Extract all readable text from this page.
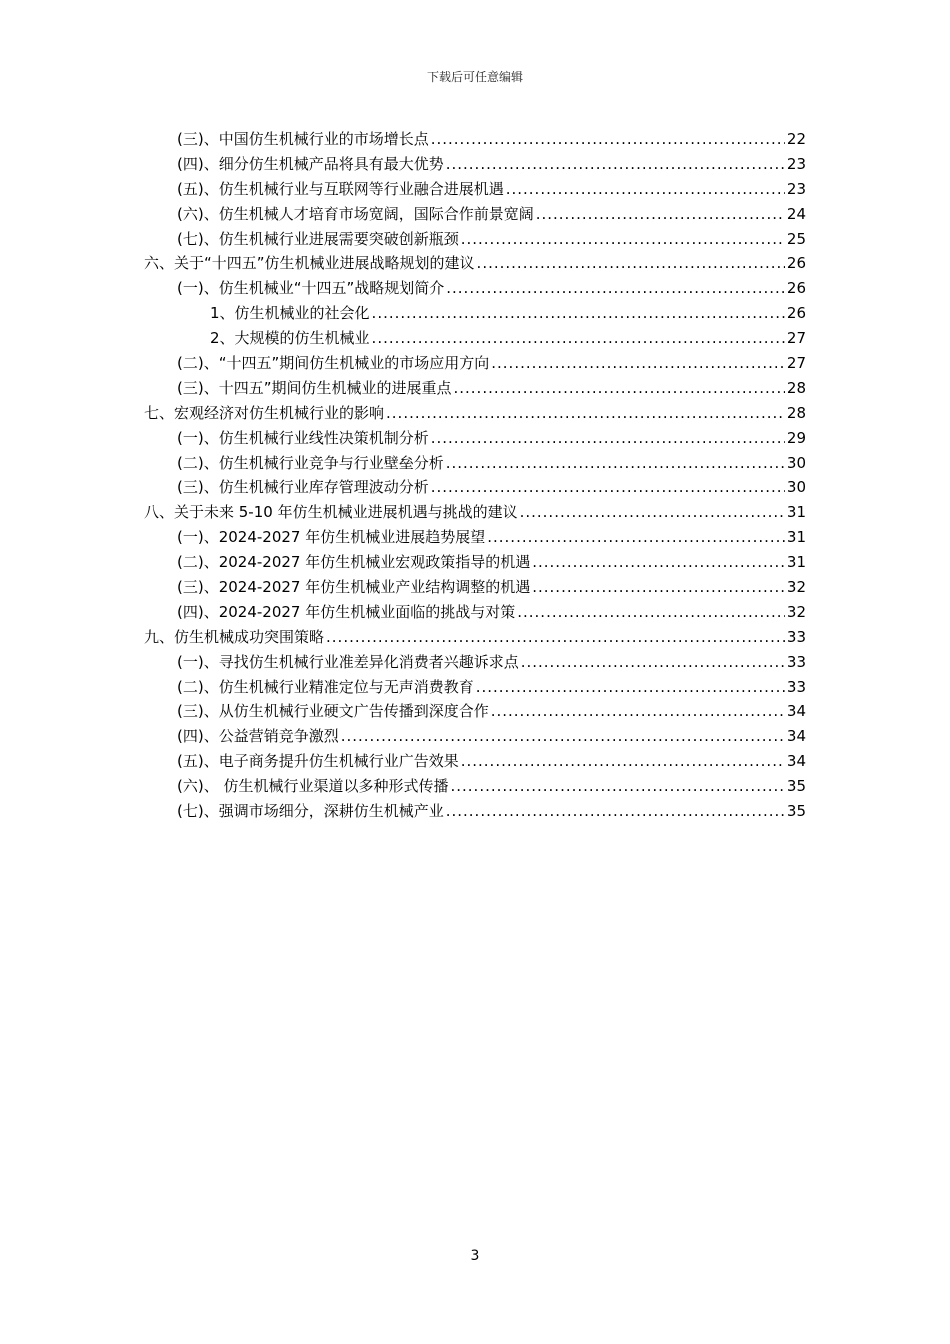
下载后可任意编辑
(三)、中国仿生机械行业的市场增长点 .....	22
(四)、细分仿生机械产品将具有最大优势 .....	23
(五)、仿生机械行业与互联网等行业融合进展机遇 .....	23
(六)、仿生机械人才培育市场宽阔，国际合作前景宽阔 .....	24
(七)、仿生机械行业进展需要突破创新瓶颈 .....	25
六、关于“十四五”仿生机械业进展战略规划的建议 .....	26
(一)、仿生机械业“十四五”战略规划简介 .....	26
1、仿生机械业的社会化 .....	26
2、大规模的仿生机械业 .....	27
(二)、“十四五”期间仿生机械业的市场应用方向 .....	27
(三)、十四五”期间仿生机械业的进展重点 .....	28
七、宏观经济对仿生机械行业的影响 .....	28
(一)、仿生机械行业线性决策机制分析 .....	29
(二)、仿生机械行业竞争与行业壁垒分析 .....	30
(三)、仿生机械行业库存管理波动分析 .....	30
八、关于未来 5-10 年仿生机械业进展机遇与挑战的建议 .....	31
(一)、2024-2027 年仿生机械业进展趋势展望 .....	31
(二)、2024-2027 年仿生机械业宏观政策指导的机遇 .....	31
(三)、2024-2027 年仿生机械业产业结构调整的机遇 .....	32
(四)、2024-2027 年仿生机械业面临的挑战与对策 .....	32
九、仿生机械成功突围策略 .....	33
(一)、寻找仿生机械行业准差异化消费者兴趣诉求点 .....	33
(二)、仿生机械行业精准定位与无声消费教育 .....	33
(三)、从仿生机械行业硬文广告传播到深度合作 .....	34
(四)、公益营销竞争激烈 .....	34
(五)、电子商务提升仿生机械行业广告效果 .....	34
(六)、 仿生机械行业渠道以多种形式传播 .....	35
(七)、强调市场细分，深耕仿生机械产业 .....	35
3
